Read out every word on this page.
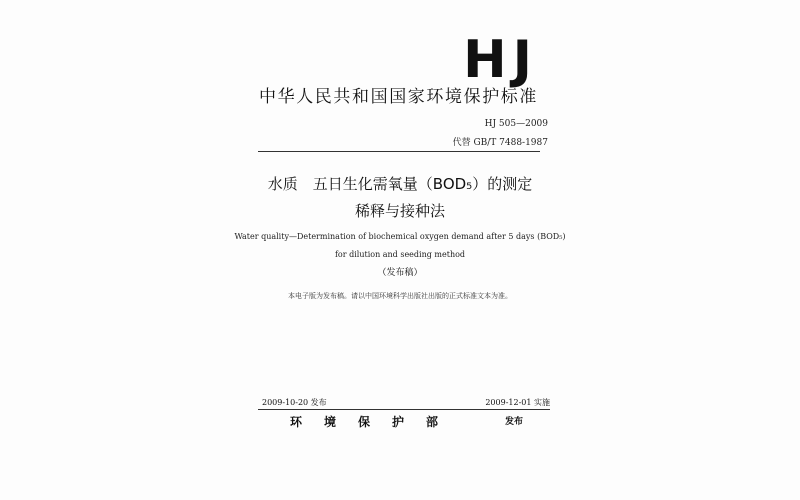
HJ
中华人民共和国国家环境保护标准
HJ 505—2009
代替 GB/T 7488-1987
水质　五日生化需氧量（BOD₅）的测定
稀释与接种法
Water quality—Determination of biochemical oxygen demand after 5 days (BOD₅)
for dilution and seeding method
（发布稿）
本电子版为发布稿。请以中国环境科学出版社出版的正式标准文本为准。
2009-10-20 发布	2009-12-01 实施
环境保护部	发布
